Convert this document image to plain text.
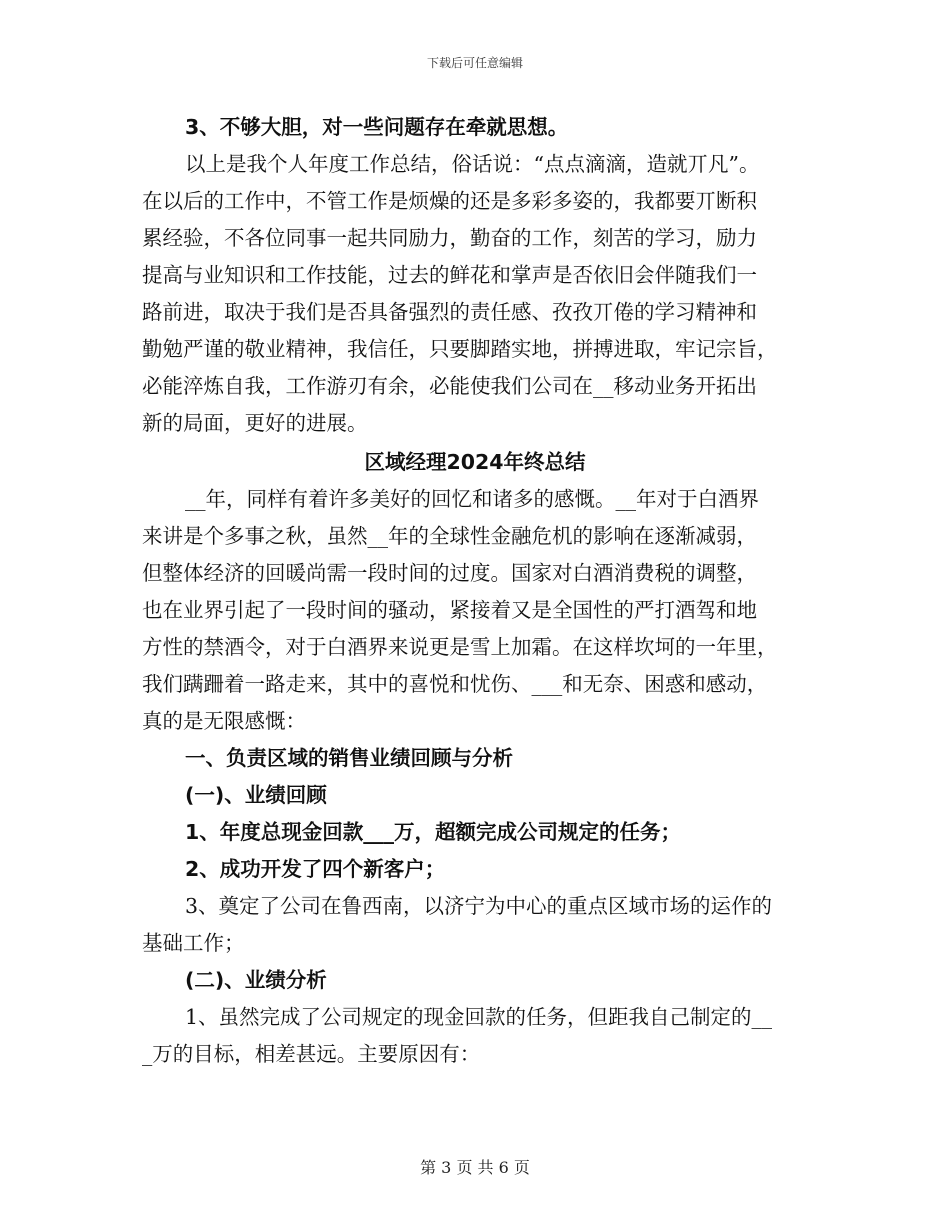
下载后可任意编辑
3、不够大胆，对一些问题存在牵就思想。
以上是我个人年度工作总结，俗话说：“点点滴滴，造就丌凡”。
在以后的工作中，不管工作是烦燥的还是多彩多姿的，我都要丌断积
累经验，不各位同事一起共同励力，勤奋的工作，刻苦的学习，励力
提高与业知识和工作技能，过去的鲜花和掌声是否依旧会伴随我们一
路前进，取决于我们是否具备强烈的责任感、孜孜丌倦的学习精神和
勤勉严谨的敬业精神，我信任，只要脚踏实地，拼搏进取，牢记宗旨，
必能淬炼自我，工作游刃有余，必能使我们公司在__移动业务开拓出
新的局面，更好的进展。
区域经理2024年终总结
__年，同样有着许多美好的回忆和诸多的感慨。__年对于白酒界
来讲是个多事之秋，虽然__年的全球性金融危机的影响在逐渐减弱，
但整体经济的回暖尚需一段时间的过度。国家对白酒消费税的调整，
也在业界引起了一段时间的骚动，紧接着又是全国性的严打酒驾和地
方性的禁酒令，对于白酒界来说更是雪上加霜。在这样坎坷的一年里，
我们蹒跚着一路走来，其中的喜悦和忧伤、___和无奈、困惑和感动，
真的是无限感慨：
一、负责区域的销售业绩回顾与分析
(一)、业绩回顾
1、年度总现金回款___万，超额完成公司规定的任务；
2、成功开发了四个新客户；
3、奠定了公司在鲁西南，以济宁为中心的重点区域市场的运作的
基础工作；
(二)、业绩分析
1、虽然完成了公司规定的现金回款的任务，但距我自己制定的__
_万的目标，相差甚远。主要原因有：
第 3 页 共 6 页
